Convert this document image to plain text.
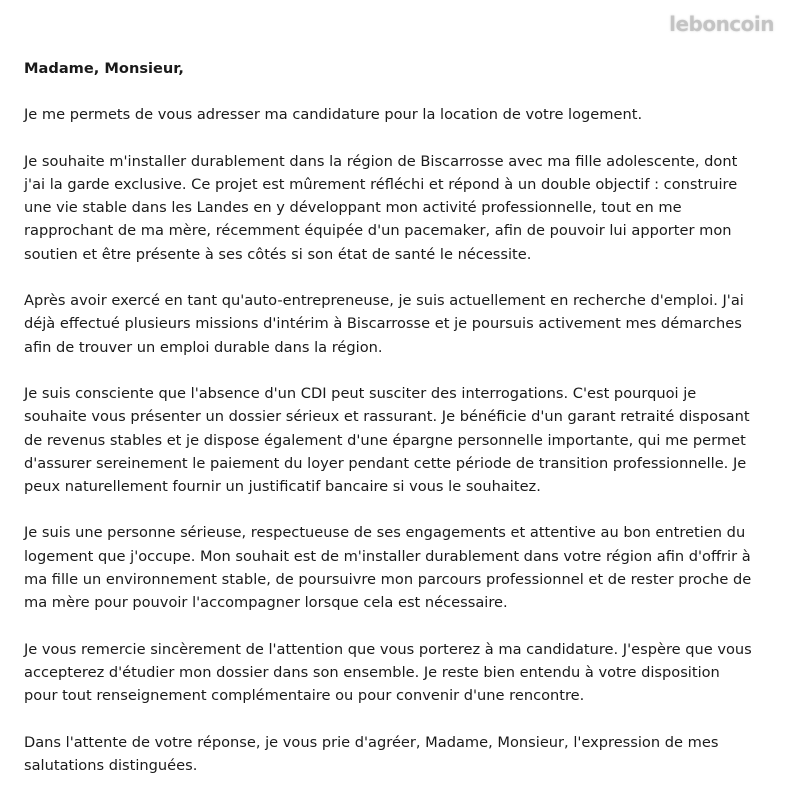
leboncoin

Madame, Monsieur,

Je me permets de vous adresser ma candidature pour la location de votre logement.

Je souhaite m'installer durablement dans la région de Biscarrosse avec ma fille adolescente, dont j'ai la garde exclusive. Ce projet est mûrement réfléchi et répond à un double objectif : construire une vie stable dans les Landes en y développant mon activité professionnelle, tout en me rapprochant de ma mère, récemment équipée d'un pacemaker, afin de pouvoir lui apporter mon soutien et être présente à ses côtés si son état de santé le nécessite.

Après avoir exercé en tant qu'auto-entrepreneuse, je suis actuellement en recherche d'emploi. J'ai déjà effectué plusieurs missions d'intérim à Biscarrosse et je poursuis activement mes démarches afin de trouver un emploi durable dans la région.

Je suis consciente que l'absence d'un CDI peut susciter des interrogations. C'est pourquoi je souhaite vous présenter un dossier sérieux et rassurant. Je bénéficie d'un garant retraité disposant de revenus stables et je dispose également d'une épargne personnelle importante, qui me permet d'assurer sereinement le paiement du loyer pendant cette période de transition professionnelle. Je peux naturellement fournir un justificatif bancaire si vous le souhaitez.

Je suis une personne sérieuse, respectueuse de ses engagements et attentive au bon entretien du logement que j'occupe. Mon souhait est de m'installer durablement dans votre région afin d'offrir à ma fille un environnement stable, de poursuivre mon parcours professionnel et de rester proche de ma mère pour pouvoir l'accompagner lorsque cela est nécessaire.

Je vous remercie sincèrement de l'attention que vous porterez à ma candidature. J'espère que vous accepterez d'étudier mon dossier dans son ensemble. Je reste bien entendu à votre disposition pour tout renseignement complémentaire ou pour convenir d'une rencontre.

Dans l'attente de votre réponse, je vous prie d'agréer, Madame, Monsieur, l'expression de mes salutations distinguées.
